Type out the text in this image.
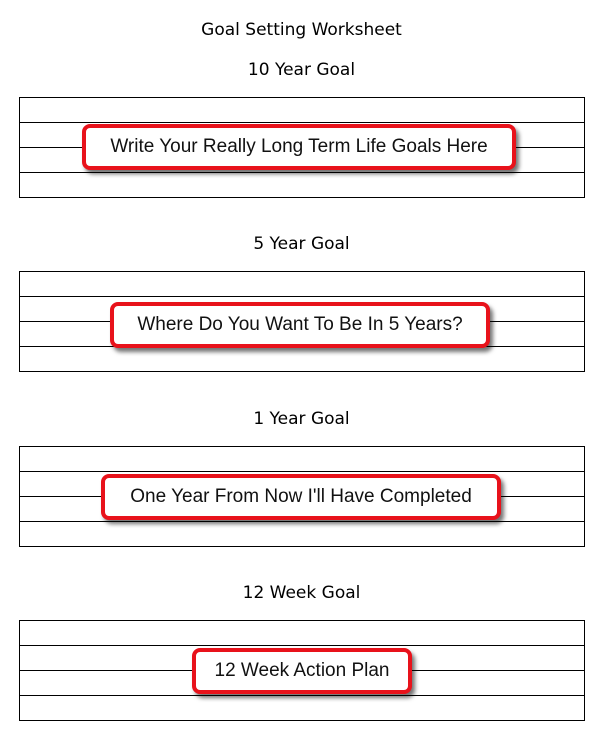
Goal Setting Worksheet
10 Year Goal
Write Your Really Long Term Life Goals Here
5 Year Goal
Where Do You Want To Be In 5 Years?
1 Year Goal
One Year From Now I'll Have Completed
12 Week Goal
12 Week Action Plan
